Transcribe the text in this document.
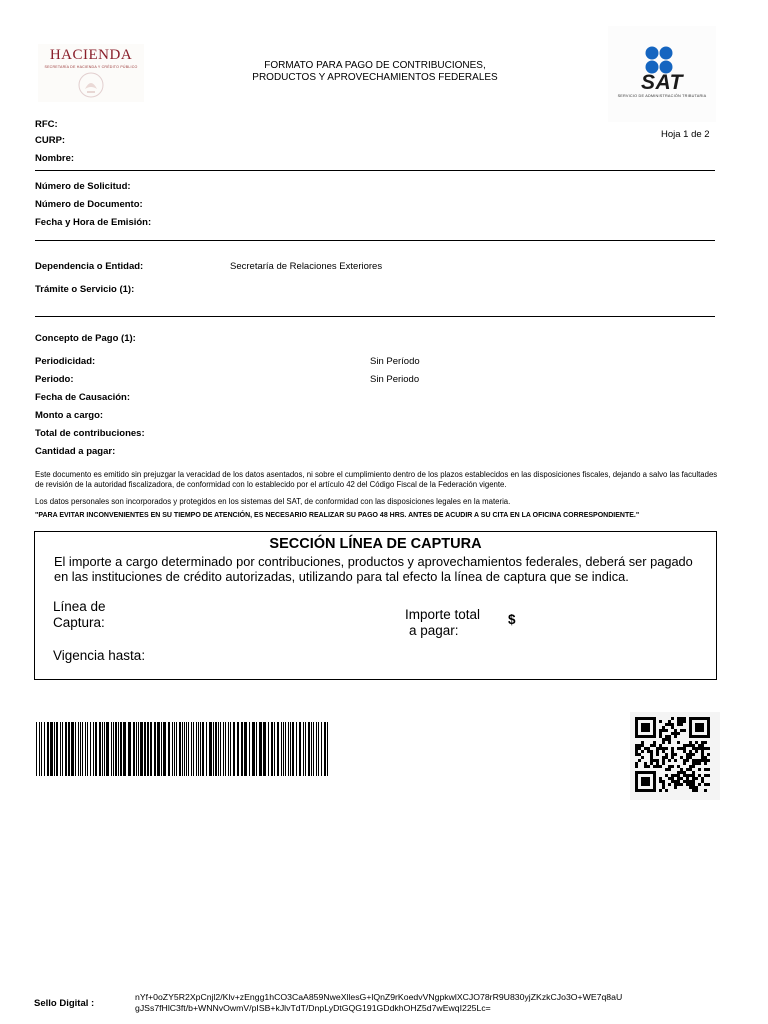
HACIENDA
SECRETARÍA DE HACIENDA Y CRÉDITO PÚBLICO	FORMATO PARA PAGO DE CONTRIBUCIONES,
PRODUCTOS Y APROVECHAMIENTOS FEDERALES	SAT
SERVICIO DE ADMINISTRACIÓN TRIBUTARIA
Hoja 1 de 2
RFC:
CURP:
Nombre:
Número de Solicitud:
Número de Documento:
Fecha y Hora de Emisión:
Dependencia o Entidad:	Secretaría de Relaciones Exteriores
Trámite o Servicio (1):
Concepto de Pago (1):
Periodicidad:	Sin Período
Periodo:	Sin Periodo
Fecha de Causación:
Monto a cargo:
Total de contribuciones:
Cantidad a pagar:
Este documento es emitido sin prejuzgar la veracidad de los datos asentados, ni sobre el cumplimiento dentro de los plazos establecidos en las disposiciones fiscales, dejando a salvo las facultades de revisión de la autoridad fiscalizadora, de conformidad con lo establecido por el artículo 42 del Código Fiscal de la Federación vigente.
Los datos personales son incorporados y protegidos en los sistemas del SAT, de conformidad con las disposiciones legales en la materia.
"PARA EVITAR INCONVENIENTES EN SU TIEMPO DE ATENCIÓN, ES NECESARIO REALIZAR SU PAGO 48 HRS. ANTES DE ACUDIR A SU CITA EN LA OFICINA CORRESPONDIENTE."
SECCIÓN LÍNEA DE CAPTURA
El importe a cargo determinado por contribuciones, productos y aprovechamientos federales, deberá ser pagado
en las instituciones de crédito autorizadas, utilizando para tal efecto la línea de captura que se indica.
Línea de
Captura:
Importe total
a pagar:
$
Vigencia hasta:
Sello Digital :
nYf+0oZY5R2XpCnjl2/Klv+zEngg1hCO3CaA859NweXllesG+lQnZ9rKoedvVNgpkwlXCJO78rR9U830yjZKzkCJo3O+WE7q8aU
gJSs7fHlC3ft/b+WNNvOwmV/pISB+kJlvTdT/DnpLyDtGQG191GDdkhOHZ5d7wEwqI225Lc=
